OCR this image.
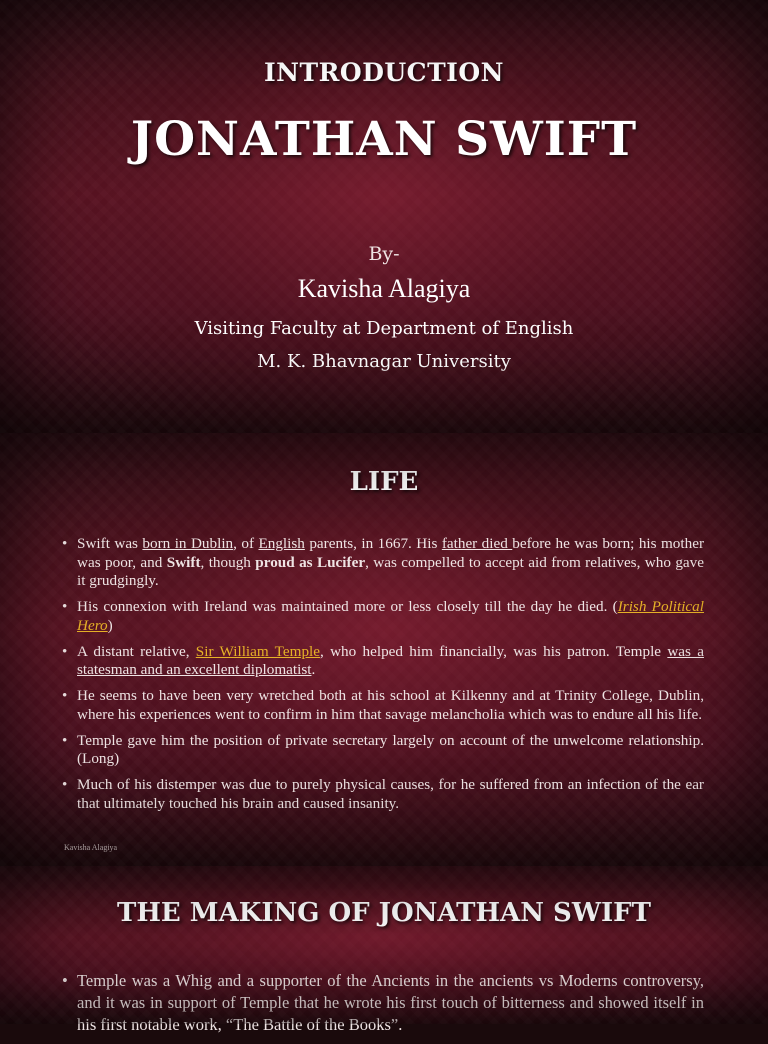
INTRODUCTION
JONATHAN SWIFT
By-
Kavisha Alagiya
Visiting Faculty at Department of English
M. K. Bhavnagar University
LIFE
• Swift was born in Dublin, of English parents, in 1667. His father died before he was born; his mother was poor, and Swift, though proud as Lucifer, was compelled to accept aid from relatives, who gave it grudgingly.
• His connexion with Ireland was maintained more or less closely till the day he died. (Irish Political Hero)
• A distant relative, Sir William Temple, who helped him financially, was his patron. Temple was a statesman and an excellent diplomatist.
• He seems to have been very wretched both at his school at Kilkenny and at Trinity College, Dublin, where his experiences went to confirm in him that savage melancholia which was to endure all his life.
• Temple gave him the position of private secretary largely on account of the unwelcome relationship. (Long)
• Much of his distemper was due to purely physical causes, for he suffered from an infection of the ear that ultimately touched his brain and caused insanity.
Kavisha Alagiya
THE MAKING OF JONATHAN SWIFT
• Temple was a Whig and a supporter of the Ancients in the ancients vs Moderns controversy, and it was in support of Temple that he wrote his first touch of bitterness and showed itself in his first notable work, “The Battle of the Books”.
